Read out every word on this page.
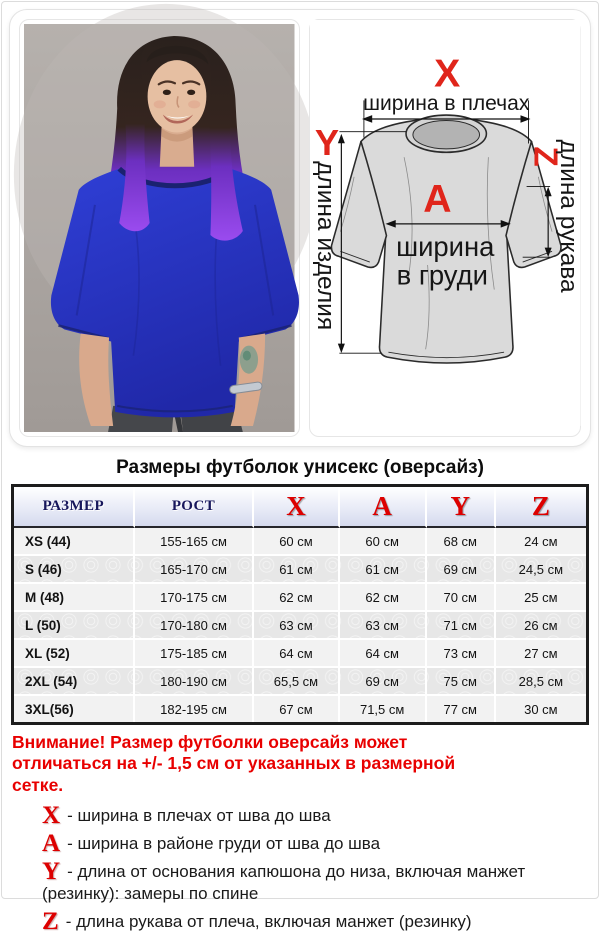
X
ширина в плечах
Y
длина изделия A
ширина
в груди
Z
длина рукава
Размеры футболок унисекс (оверсайз)
РАЗМЕР	РОСТ	X	A	Y	Z
XS (44)	155-165 см	60 см	60 см	68 см	24 см
S (46)	165-170 см	61 см	61 см	69 см	24,5 см
M (48)	170-175 см	62 см	62 см	70 см	25 см
L (50)	170-180 см	63 см	63 см	71 см	26 см
XL (52)	175-185 см	64 см	64 см	73 см	27 см
2XL (54)	180-190 см	65,5 см	69 см	75 см	28,5 см
3XL(56)	182-195 см	67 см	71,5 см	77 см	30 см

Внимание! Размер футболки оверсайз может отличаться на +/- 1,5 см от указанных в размерной сетке.

X - ширина в плечах от шва до шва
A - ширина в районе груди от шва до шва
Y - длина от основания капюшона до низа, включая манжет (резинку): замеры по спине
Z - длина рукава от плеча, включая манжет (резинку)
